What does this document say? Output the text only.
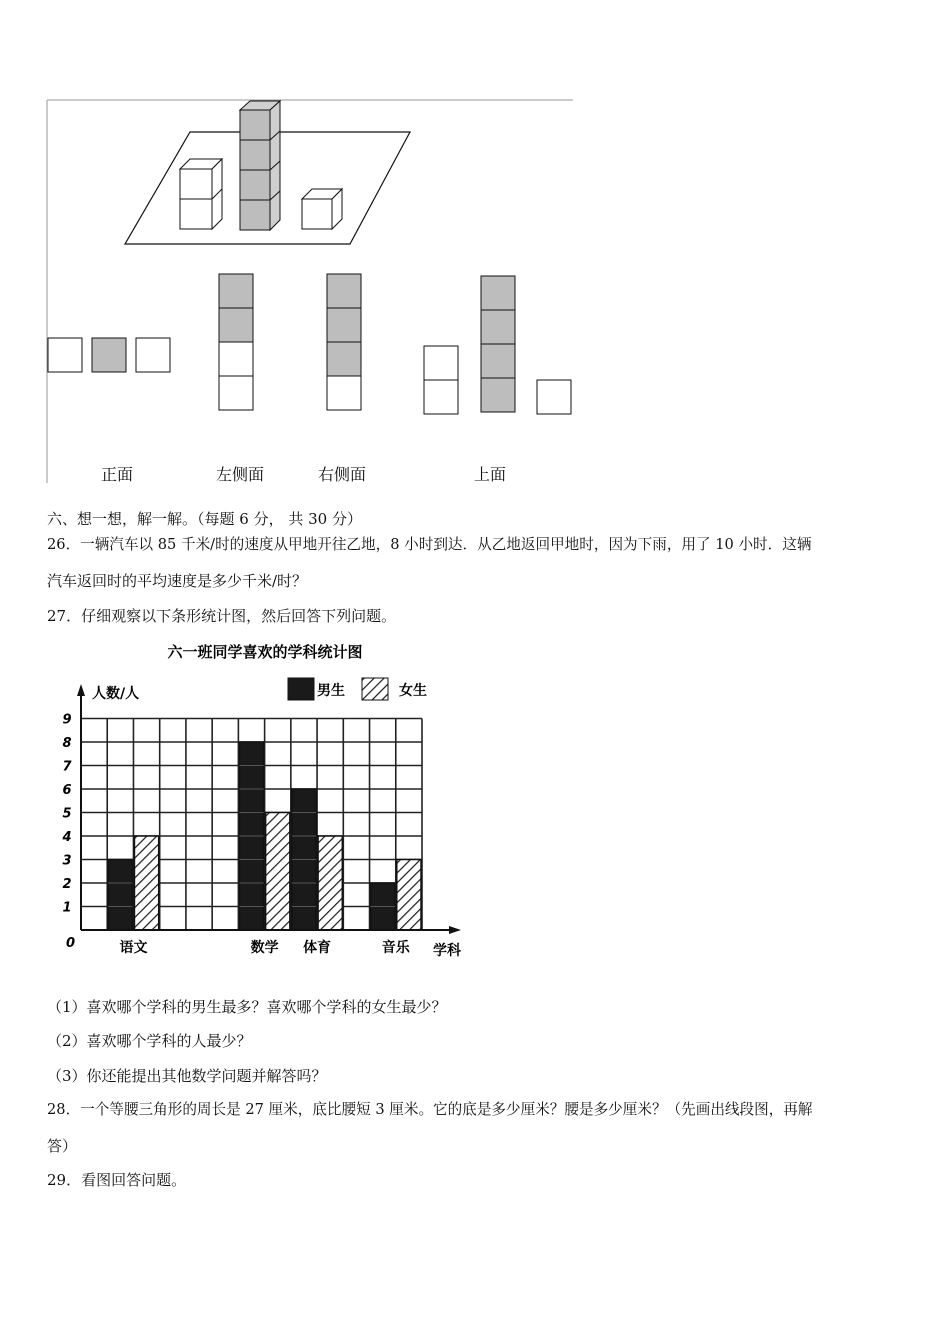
正面	左侧面	右侧面	上面
六、想一想，解一解。（每题 6 分， 共 30 分）
26．一辆汽车以 85 千米/时的速度从甲地开往乙地，8 小时到达．从乙地返回甲地时，因为下雨，用了 10 小时．这辆
汽车返回时的平均速度是多少千米/时？
27．仔细观察以下条形统计图，然后回答下列问题。
六一班同学喜欢的学科统计图
语文	数学 体育	音乐
1
2
3
4
5
6
7
8
9
人数/人
学科
0
男生	女生
（1）喜欢哪个学科的男生最多？喜欢哪个学科的女生最少？
（2）喜欢哪个学科的人最少？
（3）你还能提出其他数学问题并解答吗？
28．一个等腰三角形的周长是 27 厘米，底比腰短 3 厘米。它的底是多少厘米？腰是多少厘米？（先画出线段图，再解
答）
29．看图回答问题。
